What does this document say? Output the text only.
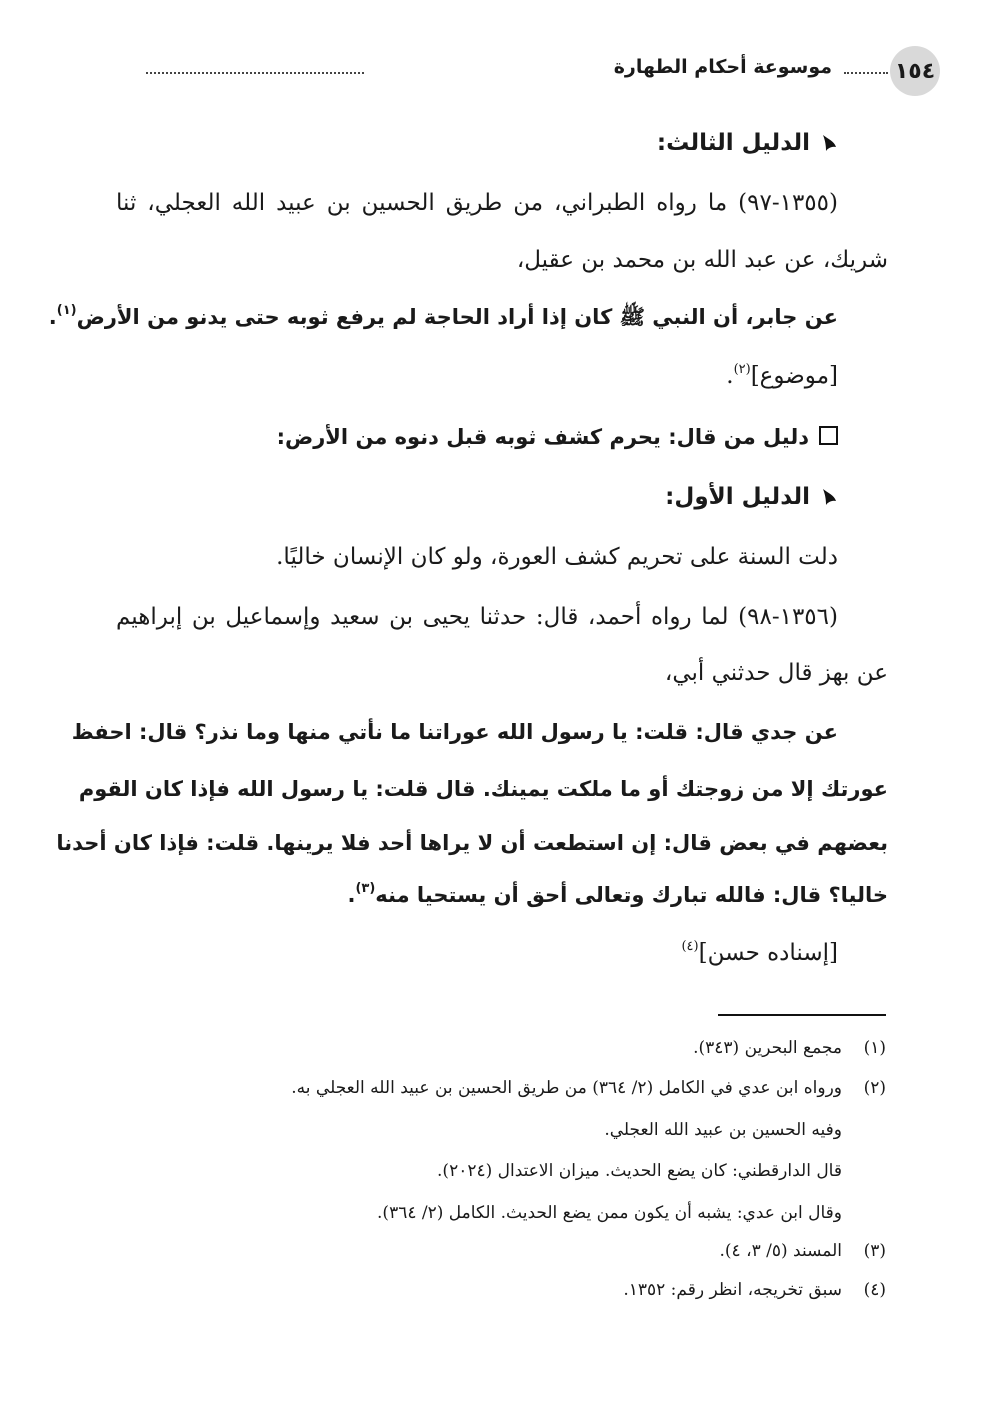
١٥٤
موسوعة أحكام الطهارة
الدليل الثالث:
(١٣٥٥-٩٧) ما رواه الطبراني، من طريق الحسين بن عبيد الله العجلي، ثنا
شريك، عن عبد الله بن محمد بن عقيل،
عن جابر، أن النبي ﷺ كان إذا أراد الحاجة لم يرفع ثوبه حتى يدنو من الأرض$^{(١)}$.
[موضوع]$^{(٢)}$.
دليل من قال: يحرم كشف ثوبه قبل دنوه من الأرض:
الدليل الأول:
دلت السنة على تحريم كشف العورة، ولو كان الإنسان خاليًا.
(١٣٥٦-٩٨) لما رواه أحمد، قال: حدثنا يحيى بن سعيد وإسماعيل بن إبراهيم
عن بهز قال حدثني أبي،
عن جدي قال: قلت: يا رسول الله عوراتنا ما نأتي منها وما نذر؟ قال: احفظ
عورتك إلا من زوجتك أو ما ملكت يمينك. قال قلت: يا رسول الله فإذا كان القوم
بعضهم في بعض قال: إن استطعت أن لا يراها أحد فلا يرينها. قلت: فإذا كان أحدنا
خاليا؟ قال: فالله تبارك وتعالى أحق أن يستحيا منه$^{(٣)}$.
[إسناده حسن]$^{(٤)}$
(١)مجمع البحرين (٣٤٣).
(٢)ورواه ابن عدي في الكامل (٢/ ٣٦٤) من طريق الحسين بن عبيد الله العجلي به.
وفيه الحسين بن عبيد الله العجلي.
قال الدارقطني: كان يضع الحديث. ميزان الاعتدال (٢٠٢٤).
وقال ابن عدي: يشبه أن يكون ممن يضع الحديث. الكامل (٢/ ٣٦٤).
(٣)المسند (٥/ ٣، ٤).
(٤)سبق تخريجه، انظر رقم: ١٣٥٢.
